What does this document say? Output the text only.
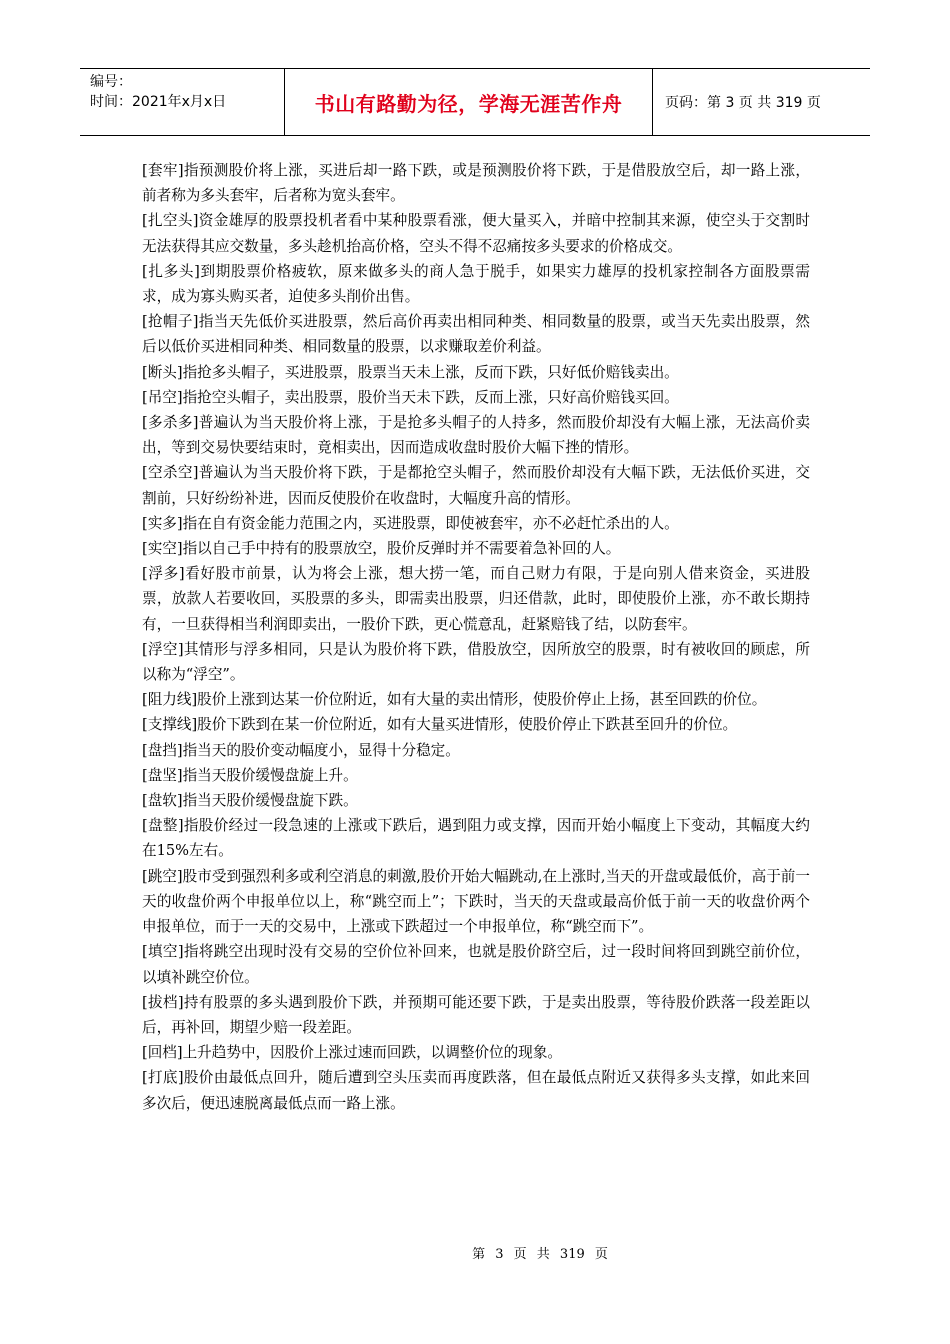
编号：
时间：2021年x月x日	书山有路勤为径，学海无涯苦作舟	页码：第 3 页 共 319 页

[套牢]指预测股价将上涨，买进后却一路下跌，或是预测股价将下跌，于是借股放空后，却一路上涨，前者称为多头套牢，后者称为宽头套牢。

[扎空头]资金雄厚的股票投机者看中某种股票看涨，便大量买入，并暗中控制其来源，使空头于交割时无法获得其应交数量，多头趁机抬高价格，空头不得不忍痛按多头要求的价格成交。

[扎多头]到期股票价格疲软，原来做多头的商人急于脱手，如果实力雄厚的投机家控制各方面股票需求，成为寡头购买者，迫使多头削价出售。

[抢帽子]指当天先低价买进股票，然后高价再卖出相同种类、相同数量的股票，或当天先卖出股票，然后以低价买进相同种类、相同数量的股票，以求赚取差价利益。

[断头]指抢多头帽子，买进股票，股票当天未上涨，反而下跌，只好低价赔钱卖出。

[吊空]指抢空头帽子，卖出股票，股价当天未下跌，反而上涨，只好高价赔钱买回。

[多杀多]普遍认为当天股价将上涨，于是抢多头帽子的人持多，然而股价却没有大幅上涨，无法高价卖出，等到交易快要结束时，竟相卖出，因而造成收盘时股价大幅下挫的情形。

[空杀空]普遍认为当天股价将下跌，于是都抢空头帽子，然而股价却没有大幅下跌，无法低价买进，交割前，只好纷纷补进，因而反使股价在收盘时，大幅度升高的情形。

[实多]指在自有资金能力范围之内，买进股票，即使被套牢，亦不必赶忙杀出的人。

[实空]指以自己手中持有的股票放空，股价反弹时并不需要着急补回的人。

[浮多]看好股市前景，认为将会上涨，想大捞一笔，而自己财力有限，于是向别人借来资金，买进股票，放款人若要收回，买股票的多头，即需卖出股票，归还借款，此时，即使股价上涨，亦不敢长期持有，一旦获得相当利润即卖出，一股价下跌，更心慌意乱，赶紧赔钱了结，以防套牢。

[浮空]其情形与浮多相同，只是认为股价将下跌，借股放空，因所放空的股票，时有被收回的顾虑，所以称为“浮空”。

[阻力线]股价上涨到达某一价位附近，如有大量的卖出情形，使股价停止上扬，甚至回跌的价位。

[支撑线]股价下跌到在某一价位附近，如有大量买进情形，使股价停止下跌甚至回升的价位。

[盘挡]指当天的股价变动幅度小，显得十分稳定。

[盘坚]指当天股价缓慢盘旋上升。

[盘软]指当天股价缓慢盘旋下跌。

[盘整]指股价经过一段急速的上涨或下跌后，遇到阻力或支撑，因而开始小幅度上下变动，其幅度大约在15%左右。

[跳空]股市受到强烈利多或利空消息的刺激,股价开始大幅跳动,在上涨时,当天的开盘或最低价，高于前一天的收盘价两个申报单位以上，称“跳空而上”；下跌时，当天的天盘或最高价低于前一天的收盘价两个申报单位，而于一天的交易中，上涨或下跌超过一个申报单位，称“跳空而下”。

[填空]指将跳空出现时没有交易的空价位补回来，也就是股价跻空后，过一段时间将回到跳空前价位，以填补跳空价位。

[拔档]持有股票的多头遇到股价下跌，并预期可能还要下跌，于是卖出股票，等待股价跌落一段差距以后，再补回，期望少赔一段差距。

[回档]上升趋势中，因股价上涨过速而回跌，以调整价位的现象。

[打底]股价由最低点回升，随后遭到空头压卖而再度跌落，但在最低点附近又获得多头支撑，如此来回多次后，便迅速脱离最低点而一路上涨。

第 3 页 共 319 页
